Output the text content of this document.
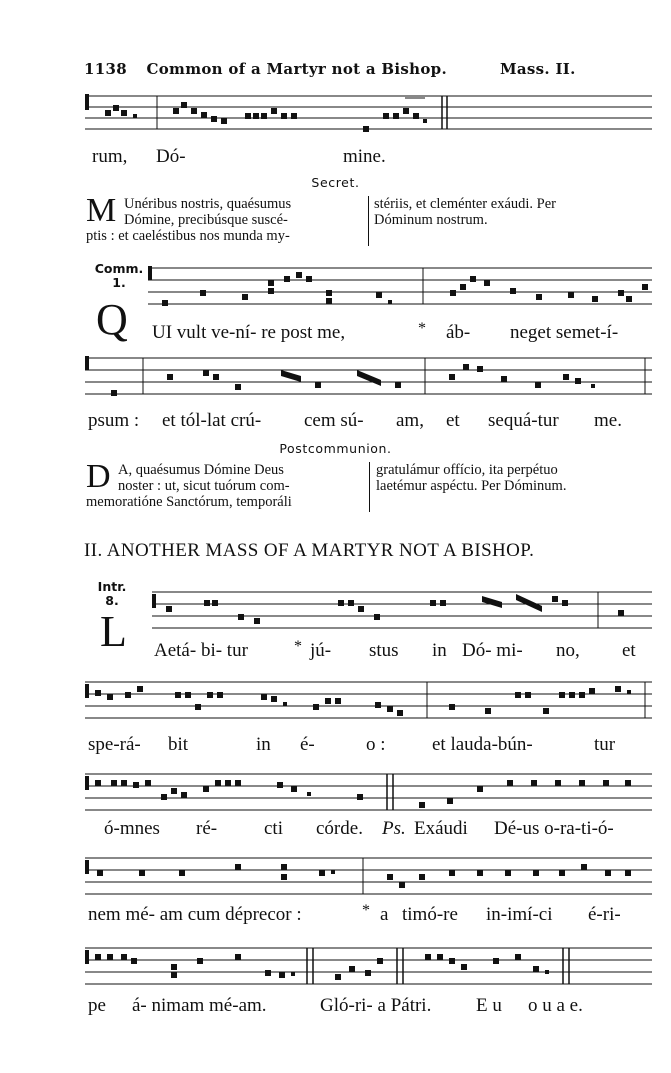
1138 Common of a Martyr not a Bishop.	Mass. II.
rum, Dó-	mine.
Secret.
M Unéribus nostris, quaésumus
Dómine, precibúsque suscé-
ptis : et caeléstibus nos munda my-
stériis, et cleménter exáudi. Per
Dóminum nostrum.
Comm.
1.
Q UI vult ve-ní- re post me,	* áb- neget semet-í-
psum : et tól-lat crú- cem sú- am, et sequá-tur me.
Postcommunion.
D A, quaésumus Dómine Deus
noster : ut, sicut tuórum com-
memoratióne Sanctórum, temporáli
gratulámur offício, ita perpétuo
laetémur aspéctu. Per Dóminum.
II. ANOTHER MASS OF A MARTYR NOT A BISHOP.
Intr.
8.
L Aetá- bi- tur	* jú- stus in Dó- mi- no, et
spe-rá- bit	in é-	o : et lauda-bún-	tur
ó-mnes ré- cti córde. Ps. Exáudi Dé-us o-ra-ti-ó-
nem mé- am cum déprecor :	* a timó-re in-imí-ci é-ri-
pe á- nimam mé-am.	Gló-ri- a Pátri. E u o u a e.
